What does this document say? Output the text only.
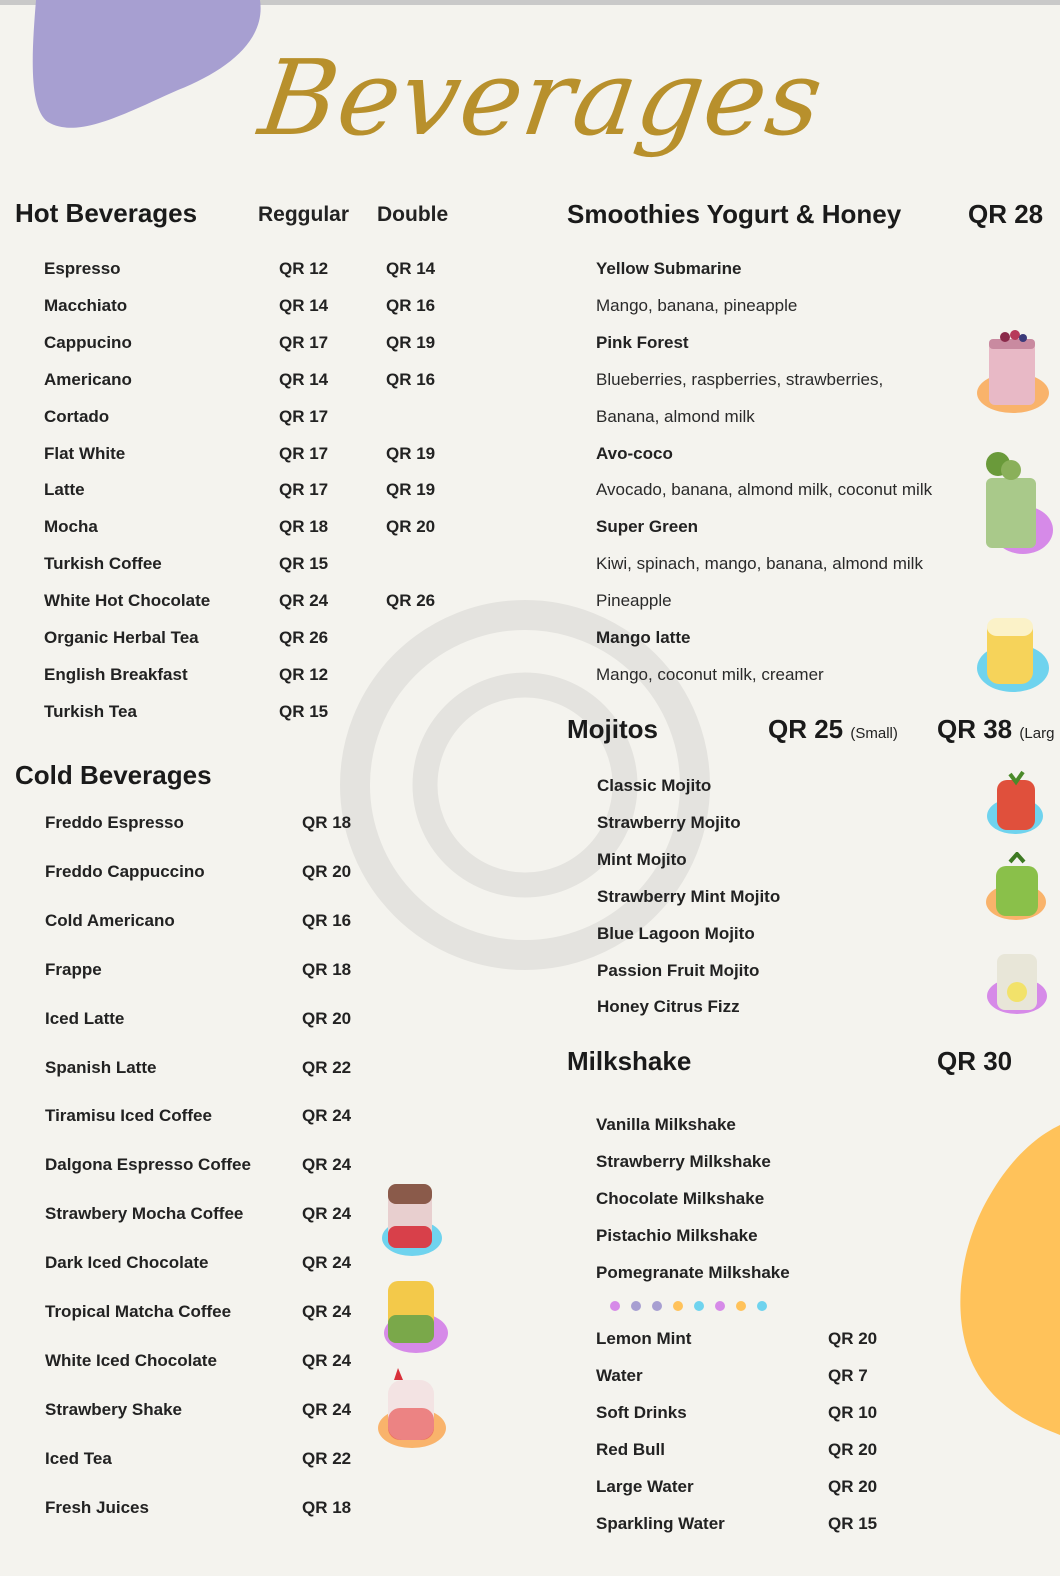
Beverages
Hot Beverages	Reggular Double
Espresso	QR 12	QR 14
Macchiato	QR 14	QR 16
Cappucino	QR 17	QR 19
Americano	QR 14	QR 16
Cortado	QR 17
Flat White	QR 17	QR 19
Latte	QR 17	QR 19
Mocha	QR 18	QR 20
Turkish Coffee	QR 15
White Hot Chocolate	QR 24	QR 26
Organic Herbal Tea	QR 26
English Breakfast	QR 12
Turkish Tea	QR 15
Cold Beverages
Freddo Espresso	QR 18
Freddo Cappuccino	QR 20
Cold Americano	QR 16
Frappe	QR 18
Iced Latte	QR 20
Spanish Latte	QR 22
Tiramisu Iced Coffee	QR 24
Dalgona Espresso Coffee	QR 24
Strawbery Mocha Coffee	QR 24
Dark Iced Chocolate	QR 24
Tropical Matcha Coffee	QR 24
White Iced Chocolate	QR 24
Strawbery Shake	QR 24
Iced Tea	QR 22
Fresh Juices	QR 18
Smoothies Yogurt & Honey	QR 28
Yellow Submarine
Mango, banana, pineapple
Pink Forest
Blueberries, raspberries, strawberries,
Banana, almond milk
Avo-coco
Avocado, banana, almond milk, coconut milk
Super Green
Kiwi, spinach, mango, banana, almond milk
Pineapple
Mango latte
Mango, coconut milk, creamer
Mojitos	QR 25 (Small) QR 38 (Larg
Classic Mojito
Strawberry Mojito
Mint Mojito
Strawberry Mint Mojito
Blue Lagoon Mojito
Passion Fruit Mojito
Honey Citrus Fizz
Milkshake	QR 30
Vanilla Milkshake
Strawberry Milkshake
Chocolate Milkshake
Pistachio Milkshake
Pomegranate Milkshake
Lemon Mint	QR 20
Water	QR 7
Soft Drinks	QR 10
Red Bull	QR 20
Large Water	QR 20
Sparkling Water	QR 15
